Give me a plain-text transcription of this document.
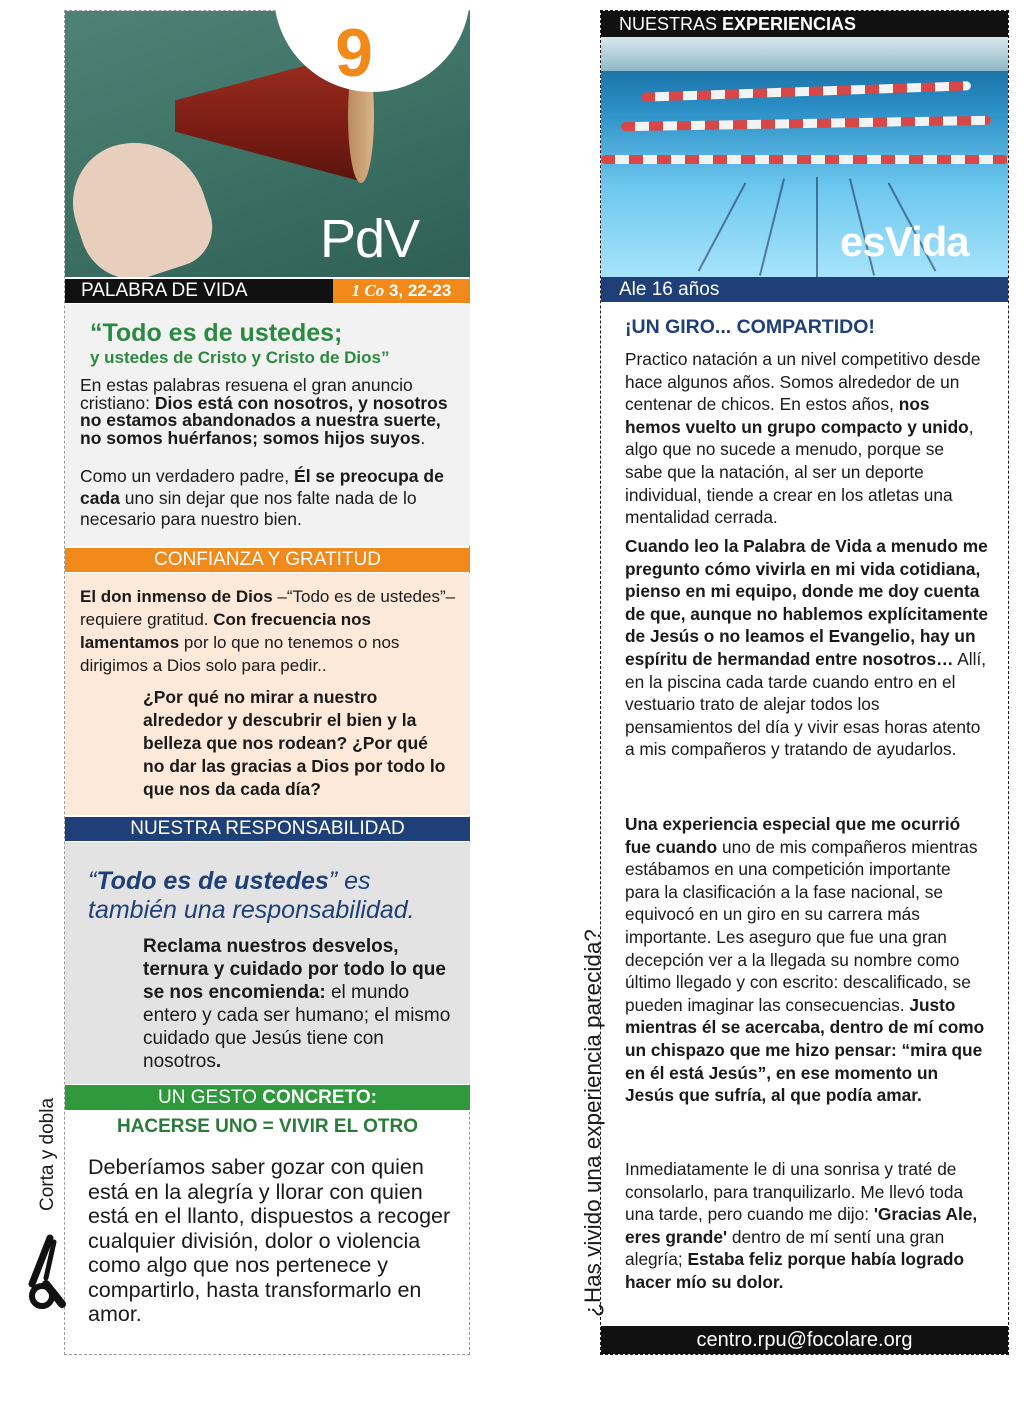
9
PdV
PALABRA DE VIDA	1 Co 3, 22-23
“Todo es de ustedes;
y ustedes de Cristo y Cristo de Dios”
En estas palabras resuena el gran anuncio cristiano: Dios está con nosotros, y nosotros no estamos abandonados a nuestra suerte, no somos huérfanos; somos hijos suyos.
Como un verdadero padre, Él se preocupa de cada uno sin dejar que nos falte nada de lo necesario para nuestro bien.
CONFIANZA Y GRATITUD
El don inmenso de Dios –“Todo es de ustedes”– requiere gratitud. Con frecuencia nos lamentamos por lo que no tenemos o nos dirigimos a Dios solo para pedir..
¿Por qué no mirar a nuestro alrededor y descubrir el bien y la belleza que nos rodean? ¿Por qué no dar las gracias a Dios por todo lo que nos da cada día?
NUESTRA RESPONSABILIDAD
“Todo es de ustedes” es también una responsabilidad.
Reclama nuestros desvelos, ternura y cuidado por todo lo que se nos encomienda: el mundo entero y cada ser humano; el mismo cuidado que Jesús tiene con nosotros.
UN GESTO CONCRETO:
HACERSE UNO = VIVIR EL OTRO
Deberíamos saber gozar con quien está en la alegría y llorar con quien está en el llanto, dispuestos a recoger cualquier división, dolor o violencia como algo que nos pertenece y compartirlo, hasta transformarlo en amor.
Corta y dobla
NUESTRAS EXPERIENCIAS
esVida
Ale 16 años
¡UN GIRO... COMPARTIDO!
Practico natación a un nivel competitivo desde hace algunos años. Somos alrededor de un centenar de chicos. En estos años, nos hemos vuelto un grupo compacto y unido, algo que no sucede a menudo, porque se sabe que la natación, al ser un deporte individual, tiende a crear en los atletas una mentalidad cerrada.
Cuando leo la Palabra de Vida a menudo me pregunto cómo vivirla en mi vida cotidiana, pienso en mi equipo, donde me doy cuenta de que, aunque no hablemos explícitamente de Jesús o no leamos el Evangelio, hay un espíritu de hermandad entre nosotros… Allí, en la piscina cada tarde cuando entro en el vestuario trato de alejar todos los pensamientos del día y vivir esas horas atento a mis compañeros y tratando de ayudarlos.
Una experiencia especial que me ocurrió fue cuando uno de mis compañeros mientras estábamos en una competición importante para la clasificación a la fase nacional, se equivocó en un giro en su carrera más importante. Les aseguro que fue una gran decepción ver a la llegada su nombre como último llegado y con escrito: descalificado, se pueden imaginar las consecuencias. Justo mientras él se acercaba, dentro de mí como un chispazo que me hizo pensar: “mira que en él está Jesús”, en ese momento un Jesús que sufría, al que podía amar.
Inmediatamente le di una sonrisa y traté de consolarlo, para tranquilizarlo. Me llevó toda una tarde, pero cuando me dijo: 'Gracias Ale, eres grande' dentro de mí sentí una gran alegría; Estaba feliz porque había logrado hacer mío su dolor.
¿Has vivido una experiencia parecida?
centro.rpu@focolare.org
